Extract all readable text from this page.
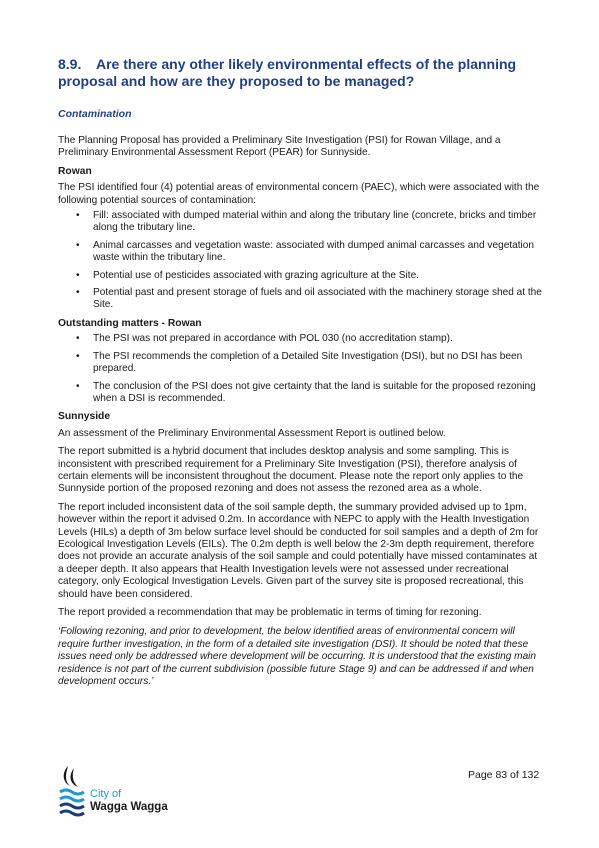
8.9. Are there any other likely environmental effects of the planning proposal and how are they proposed to be managed?
Contamination

The Planning Proposal has provided a Preliminary Site Investigation (PSI) for Rowan Village, and a Preliminary Environmental Assessment Report (PEAR) for Sunnyside.

Rowan

The PSI identified four (4) potential areas of environmental concern (PAEC), which were associated with the following potential sources of contamination:

• Fill: associated with dumped material within and along the tributary line (concrete, bricks and timber along the tributary line.
• Animal carcasses and vegetation waste: associated with dumped animal carcasses and vegetation waste within the tributary line.
• Potential use of pesticides associated with grazing agriculture at the Site.
• Potential past and present storage of fuels and oil associated with the machinery storage shed at the Site.

Outstanding matters - Rowan

• The PSI was not prepared in accordance with POL 030 (no accreditation stamp).
• The PSI recommends the completion of a Detailed Site Investigation (DSI), but no DSI has been prepared.
• The conclusion of the PSI does not give certainty that the land is suitable for the proposed rezoning when a DSI is recommended.

Sunnyside

An assessment of the Preliminary Environmental Assessment Report is outlined below.

The report submitted is a hybrid document that includes desktop analysis and some sampling. This is inconsistent with prescribed requirement for a Preliminary Site Investigation (PSI), therefore analysis of certain elements will be inconsistent throughout the document. Please note the report only applies to the Sunnyside portion of the proposed rezoning and does not assess the rezoned area as a whole.

The report included inconsistent data of the soil sample depth, the summary provided advised up to 1pm, however within the report it advised 0.2m. In accordance with NEPC to apply with the Health Investigation Levels (HILs) a depth of 3m below surface level should be conducted for soil samples and a depth of 2m for Ecological Investigation Levels (EILs). The 0.2m depth is well below the 2-3m depth requirement, therefore does not provide an accurate analysis of the soil sample and could potentially have missed contaminates at a deeper depth. It also appears that Health Investigation levels were not assessed under recreational category, only Ecological Investigation Levels. Given part of the survey site is proposed recreational, this should have been considered.

The report provided a recommendation that may be problematic in terms of timing for rezoning.

‘Following rezoning, and prior to development, the below identified areas of environmental concern will require further investigation, in the form of a detailed site investigation (DSI). It should be noted that these issues need only be addressed where development will be occurring. It is understood that the existing main residence is not part of the current subdivision (possible future Stage 9) and can be addressed if and when development occurs.’

City of
Wagga Wagga
Page 83 of 132
